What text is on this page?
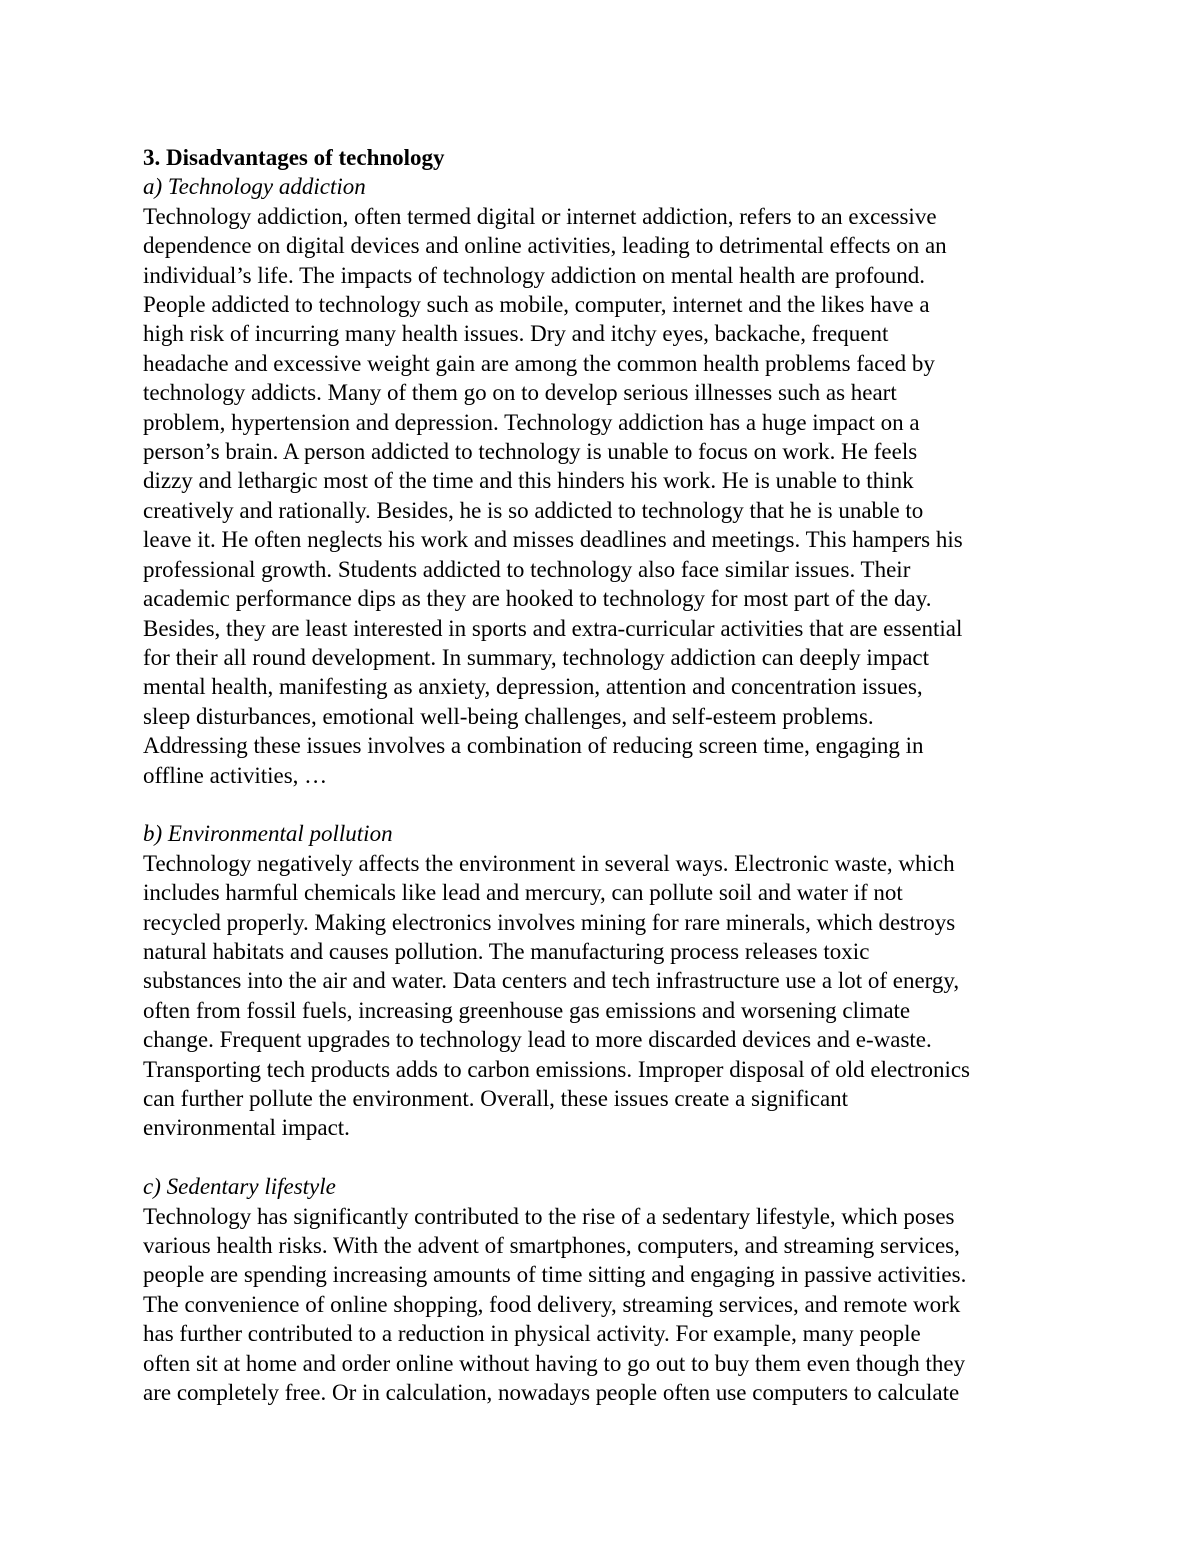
3. Disadvantages of technology

a) Technology addiction

Technology addiction, often termed digital or internet addiction, refers to an excessive
dependence on digital devices and online activities, leading to detrimental effects on an
individual’s life. The impacts of technology addiction on mental health are profound.
People addicted to technology such as mobile, computer, internet and the likes have a
high risk of incurring many health issues. Dry and itchy eyes, backache, frequent
headache and excessive weight gain are among the common health problems faced by
technology addicts. Many of them go on to develop serious illnesses such as heart
problem, hypertension and depression. Technology addiction has a huge impact on a
person’s brain. A person addicted to technology is unable to focus on work. He feels
dizzy and lethargic most of the time and this hinders his work. He is unable to think
creatively and rationally. Besides, he is so addicted to technology that he is unable to
leave it. He often neglects his work and misses deadlines and meetings. This hampers his
professional growth. Students addicted to technology also face similar issues. Their
academic performance dips as they are hooked to technology for most part of the day.
Besides, they are least interested in sports and extra-curricular activities that are essential
for their all round development. In summary, technology addiction can deeply impact
mental health, manifesting as anxiety, depression, attention and concentration issues,
sleep disturbances, emotional well-being challenges, and self-esteem problems.
Addressing these issues involves a combination of reducing screen time, engaging in
offline activities, …

b) Environmental pollution

Technology negatively affects the environment in several ways. Electronic waste, which
includes harmful chemicals like lead and mercury, can pollute soil and water if not
recycled properly. Making electronics involves mining for rare minerals, which destroys
natural habitats and causes pollution. The manufacturing process releases toxic
substances into the air and water. Data centers and tech infrastructure use a lot of energy,
often from fossil fuels, increasing greenhouse gas emissions and worsening climate
change. Frequent upgrades to technology lead to more discarded devices and e-waste.
Transporting tech products adds to carbon emissions. Improper disposal of old electronics
can further pollute the environment. Overall, these issues create a significant
environmental impact.

c) Sedentary lifestyle

Technology has significantly contributed to the rise of a sedentary lifestyle, which poses
various health risks. With the advent of smartphones, computers, and streaming services,
people are spending increasing amounts of time sitting and engaging in passive activities.
The convenience of online shopping, food delivery, streaming services, and remote work
has further contributed to a reduction in physical activity. For example, many people
often sit at home and order online without having to go out to buy them even though they
are completely free. Or in calculation, nowadays people often use computers to calculate
